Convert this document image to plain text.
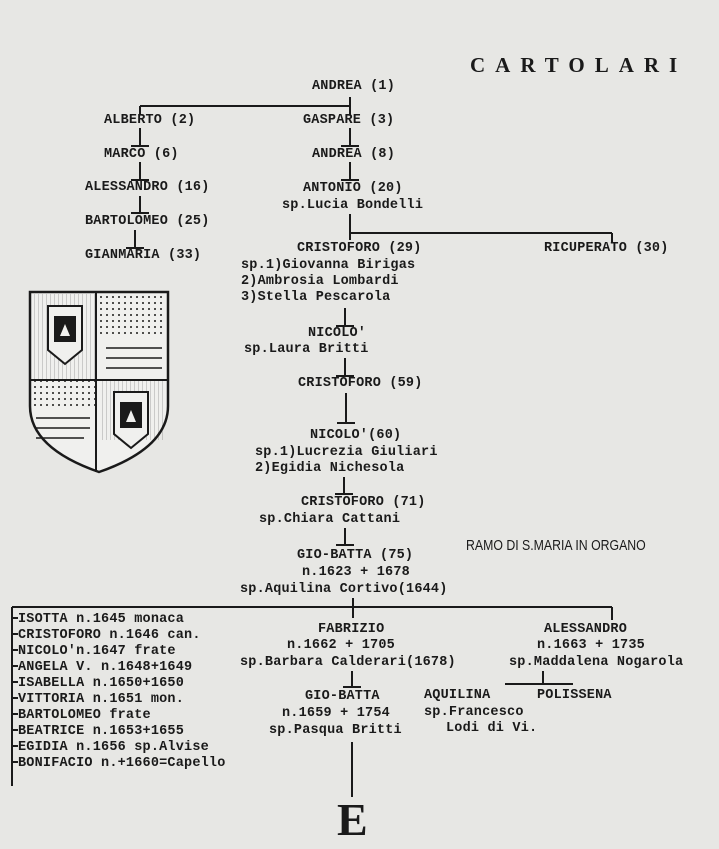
CARTOLARI
ANDREA (1)
ALBERTO (2)	GASPARE (3)
MARCO (6)	ANDREA (8)
ALESSANDRO (16)	ANTONIO (20)
sp.Lucia Bondelli
BARTOLOMEO (25)
GIANMARIA (33)	CRISTOFORO (29)	RICUPERATO (30)
sp.1)Giovanna Birigas
2)Ambrosia Lombardi
3)Stella Pescarola
NICOLO'
sp.Laura Britti
CRISTOFORO (59)
NICOLO'(60)
sp.1)Lucrezia Giuliari
2)Egidia Nichesola
CRISTOFORO (71)
sp.Chiara Cattani
GIO-BATTA (75)
RAMO DI S.MARIA IN ORGANO
n.1623 + 1678
sp.Aquilina Cortivo(1644)
ISOTTA n.1645 monaca
CRISTOFORO n.1646 can.
NICOLO'n.1647 frate
ANGELA V. n.1648+1649
ISABELLA n.1650+1650
VITTORIA n.1651 mon.
BARTOLOMEO frate
BEATRICE n.1653+1655
EGIDIA n.1656 sp.Alvise
BONIFACIO n.+1660=Capello
FABRIZIO
n.1662 + 1705
sp.Barbara Calderari(1678)
ALESSANDRO
n.1663 + 1735
sp.Maddalena Nogarola
AQUILINA	POLISSENA
sp.Francesco
Lodi di Vi.
GIO-BATTA
n.1659 + 1754
sp.Pasqua Britti
E
